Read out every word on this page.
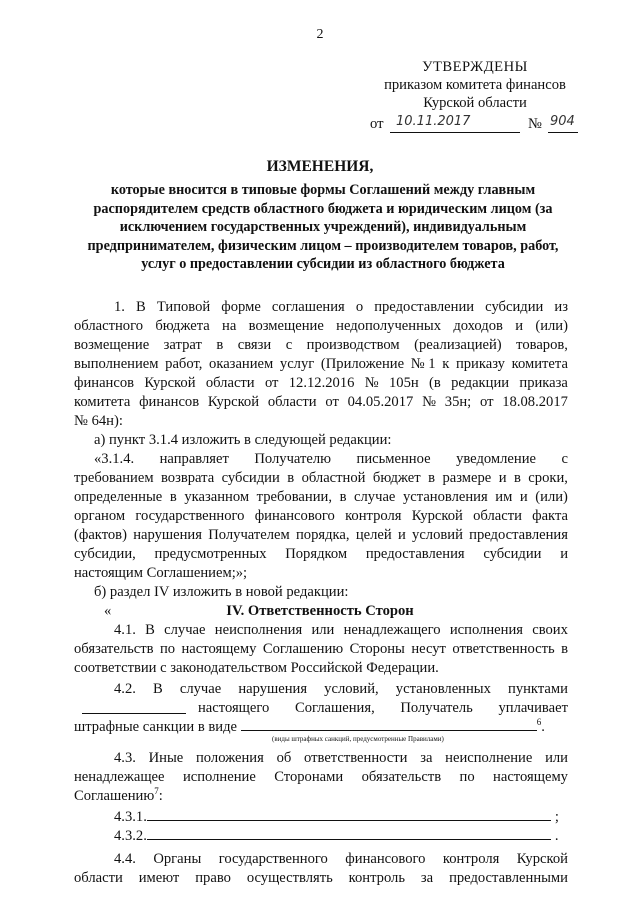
2
УТВЕРЖДЕНЫ
приказом комитета финансов
Курской области
от 10.11.2017	№ 904
ИЗМЕНЕНИЯ,
которые вносится в типовые формы Соглашений между главным распорядителем средств областного бюджета и юридическим лицом (за исключением государственных учреждений), индивидуальным предпринимателем, физическим лицом – производителем товаров, работ, услуг о предоставлении субсидии из областного бюджета
1. В Типовой форме соглашения о предоставлении субсидии из
областного бюджета на возмещение недополученных доходов и (или)
возмещение затрат в связи с производством (реализацией) товаров,
выполнением работ, оказанием услуг (Приложение № 1 к приказу комитета
финансов Курской области от 12.12.2016 № 105н (в редакции приказа
комитета финансов Курской области от 04.05.2017 № 35н; от 18.08.2017
№ 64н):
а) пункт 3.1.4 изложить в следующей редакции:
«3.1.4. направляет Получателю письменное уведомление с
требованием возврата субсидии в областной бюджет в размере и в сроки,
определенные в указанном требовании, в случае установления им и (или)
органом государственного финансового контроля Курской области факта
(фактов) нарушения Получателем порядка, целей и условий предоставления
субсидии, предусмотренных Порядком предоставления субсидии и
настоящим Соглашением;»;
б) раздел IV изложить в новой редакции:
«	IV. Ответственность Сторон
4.1. В случае неисполнения или ненадлежащего исполнения своих
обязательств по настоящему Соглашению Стороны несут ответственность в
соответствии с законодательством Российской Федерации.
4.2. В случае нарушения условий, установленных пунктами
настоящего Соглашения, Получатель уплачивает
штрафные санкции в виде	$^6$.
(виды штрафных санкций, предусмотренные Правилами)
4.3. Иные положения об ответственности за неисполнение или
ненадлежащее исполнение Сторонами обязательств по настоящему
Соглашению$^7$:
4.3.1.	;
4.3.2.	.
4.4. Органы государственного финансового контроля Курской
области имеют право осуществлять контроль за предоставленными
